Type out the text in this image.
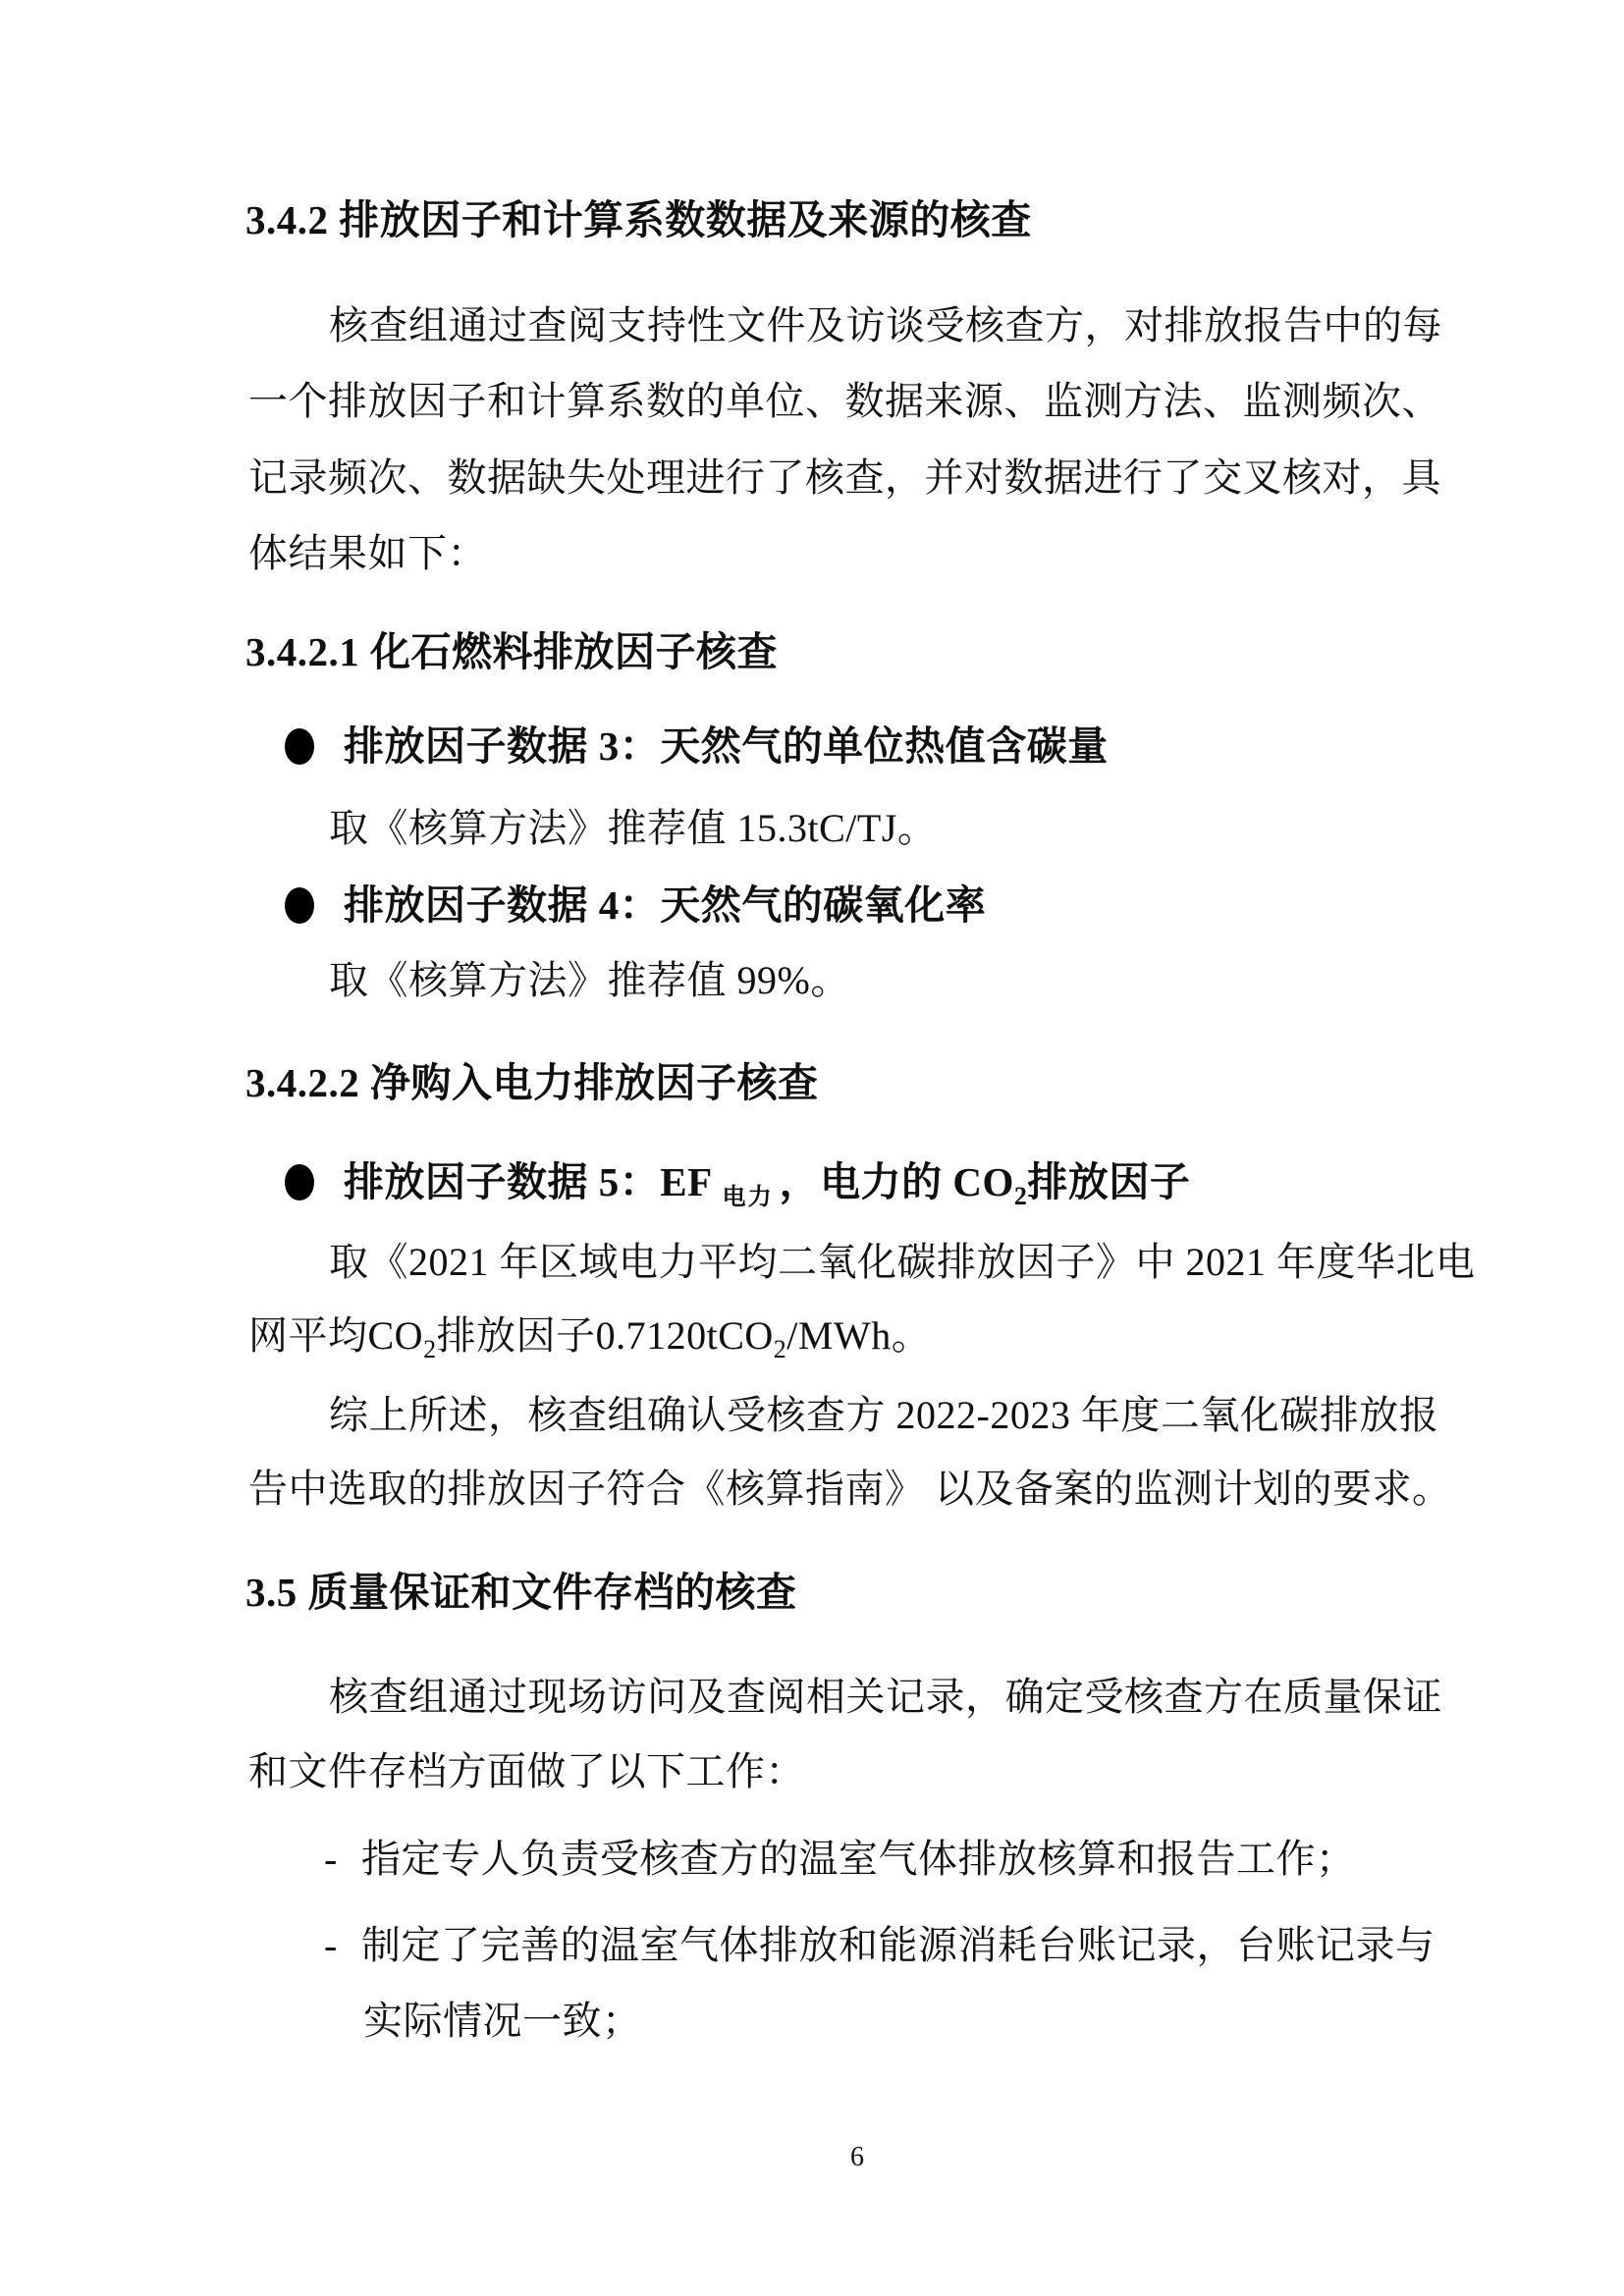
3.4.2 排放因子和计算系数数据及来源的核查
核查组通过查阅支持性文件及访谈受核查方，对排放报告中的每
一个排放因子和计算系数的单位、数据来源、监测方法、监测频次、
记录频次、数据缺失处理进行了核查，并对数据进行了交叉核对，具
体结果如下：
3.4.2.1 化石燃料排放因子核查
排放因子数据 3：天然气的单位热值含碳量
取《核算方法》推荐值 15.3tC/TJ。
排放因子数据 4：天然气的碳氧化率
取《核算方法》推荐值 99%。
3.4.2.2 净购入电力排放因子核查
排放因子数据 5：EF $_{电力}$ ，电力的 $CO_2$排放因子
取《2021 年区域电力平均二氧化碳排放因子》中 2021 年度华北电
网平均$CO_2$排放因子0.7120tCO$_2$/MWh。
综上所述，核查组确认受核查方 2022-2023 年度二氧化碳排放报
告中选取的排放因子符合《核算指南》 以及备案的监测计划的要求。
3.5 质量保证和文件存档的核查
核查组通过现场访问及查阅相关记录，确定受核查方在质量保证
和文件存档方面做了以下工作：
- 指定专人负责受核查方的温室气体排放核算和报告工作；
- 制定了完善的温室气体排放和能源消耗台账记录，台账记录与
实际情况一致；
6
